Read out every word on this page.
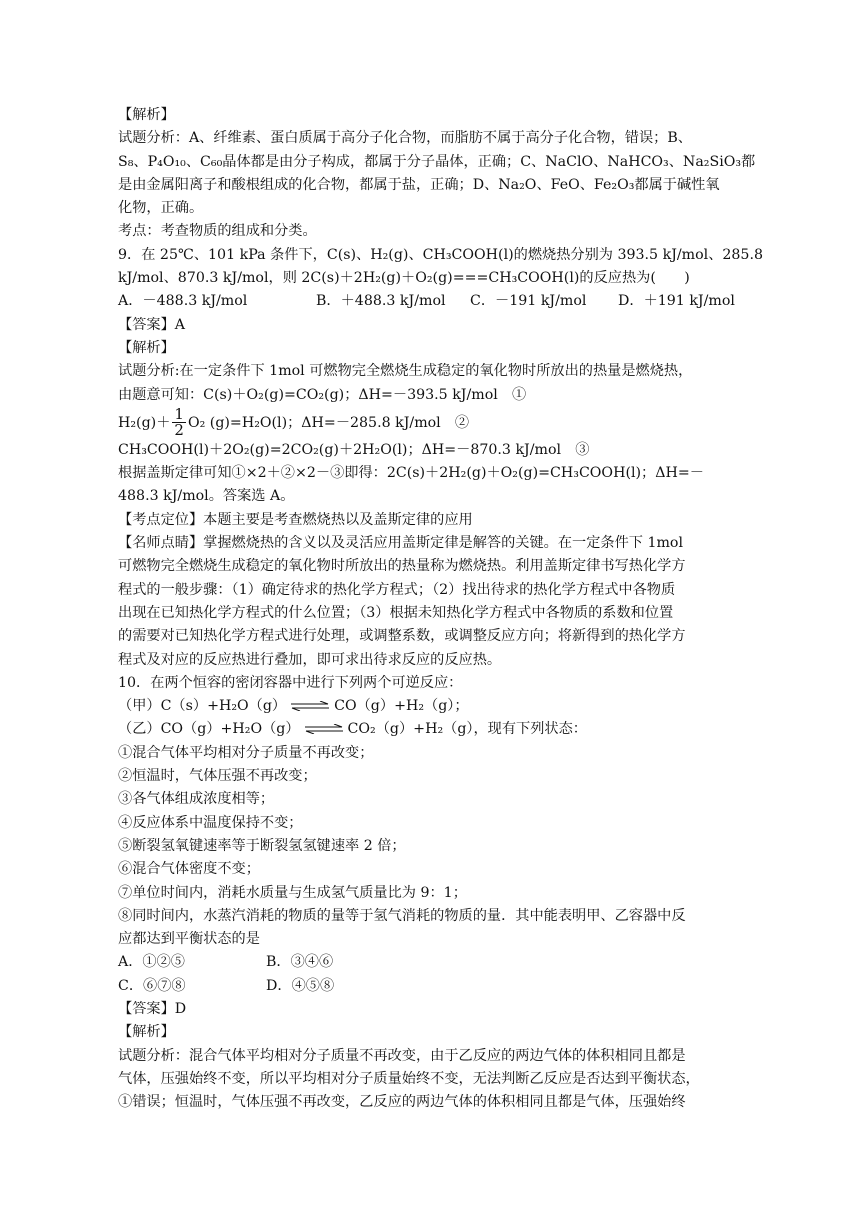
【解析】
试题分析：A、纤维素、蛋白质属于高分子化合物，而脂肪不属于高分子化合物，错误；B、
S₈、P₄O₁₀、C₆₀晶体都是由分子构成，都属于分子晶体，正确；C、NaClO、NaHCO₃、Na₂SiO₃都
是由金属阳离子和酸根组成的化合物，都属于盐，正确；D、Na₂O、FeO、Fe₂O₃都属于碱性氧
化物，正确。
考点：考查物质的组成和分类。
9．在 25℃、101 kPa 条件下，C(s)、H₂(g)、CH₃COOH(l)的燃烧热分别为 393.5 kJ/mol、285.8
kJ/mol、870.3 kJ/mol，则 2C(s)＋2H₂(g)＋O₂(g)===CH₃COOH(l)的反应热为(　　)
A．－488.3 kJ/mol	B．＋488.3 kJ/mol C．－191 kJ/mol D．＋191 kJ/mol
【答案】A
【解析】
试题分析:在一定条件下 1mol 可燃物完全燃烧生成稳定的氧化物时所放出的热量是燃烧热，
由题意可知：C(s)＋O₂(g)=CO₂(g)；ΔH=－393.5 kJ/mol　①
$H_2(g)+ \frac{1}{2} O_2$ (g)=H₂O(l)；ΔH=－285.8 kJ/mol　②
CH₃COOH(l)＋2O₂(g)=2CO₂(g)＋2H₂O(l)；ΔH=－870.3 kJ/mol　③
根据盖斯定律可知①×2＋②×2－③即得：2C(s)＋2H₂(g)＋O₂(g)=CH₃COOH(l)；ΔH=－
488.3 kJ/mol。答案选 A。
【考点定位】本题主要是考查燃烧热以及盖斯定律的应用
【名师点睛】掌握燃烧热的含义以及灵活应用盖斯定律是解答的关键。在一定条件下 1mol
可燃物完全燃烧生成稳定的氧化物时所放出的热量称为燃烧热。利用盖斯定律书写热化学方
程式的一般步骤：（1）确定待求的热化学方程式；（2）找出待求的热化学方程式中各物质
出现在已知热化学方程式的什么位置；（3）根据未知热化学方程式中各物质的系数和位置
的需要对已知热化学方程式进行处理，或调整系数，或调整反应方向；将新得到的热化学方
程式及对应的反应热进行叠加，即可求出待求反应的反应热。
10．在两个恒容的密闭容器中进行下列两个可逆反应：
（甲）C（s）+H₂O（g） ⇌ CO（g）+H₂（g）；
（乙）CO（g）+H₂O（g） ⇌ CO₂（g）+H₂（g），现有下列状态：
①混合气体平均相对分子质量不再改变；
②恒温时，气体压强不再改变；
③各气体组成浓度相等；
④反应体系中温度保持不变；
⑤断裂氢氧键速率等于断裂氢氢键速率 2 倍；
⑥混合气体密度不变；
⑦单位时间内，消耗水质量与生成氢气质量比为 9：1；
⑧同时间内，水蒸汽消耗的物质的量等于氢气消耗的物质的量．其中能表明甲、乙容器中反
应都达到平衡状态的是
A．①②⑤	B．③④⑥
C．⑥⑦⑧	D．④⑤⑧
【答案】D
【解析】
试题分析：混合气体平均相对分子质量不再改变，由于乙反应的两边气体的体积相同且都是
气体，压强始终不变，所以平均相对分子质量始终不变，无法判断乙反应是否达到平衡状态，
①错误；恒温时，气体压强不再改变，乙反应的两边气体的体积相同且都是气体，压强始终
